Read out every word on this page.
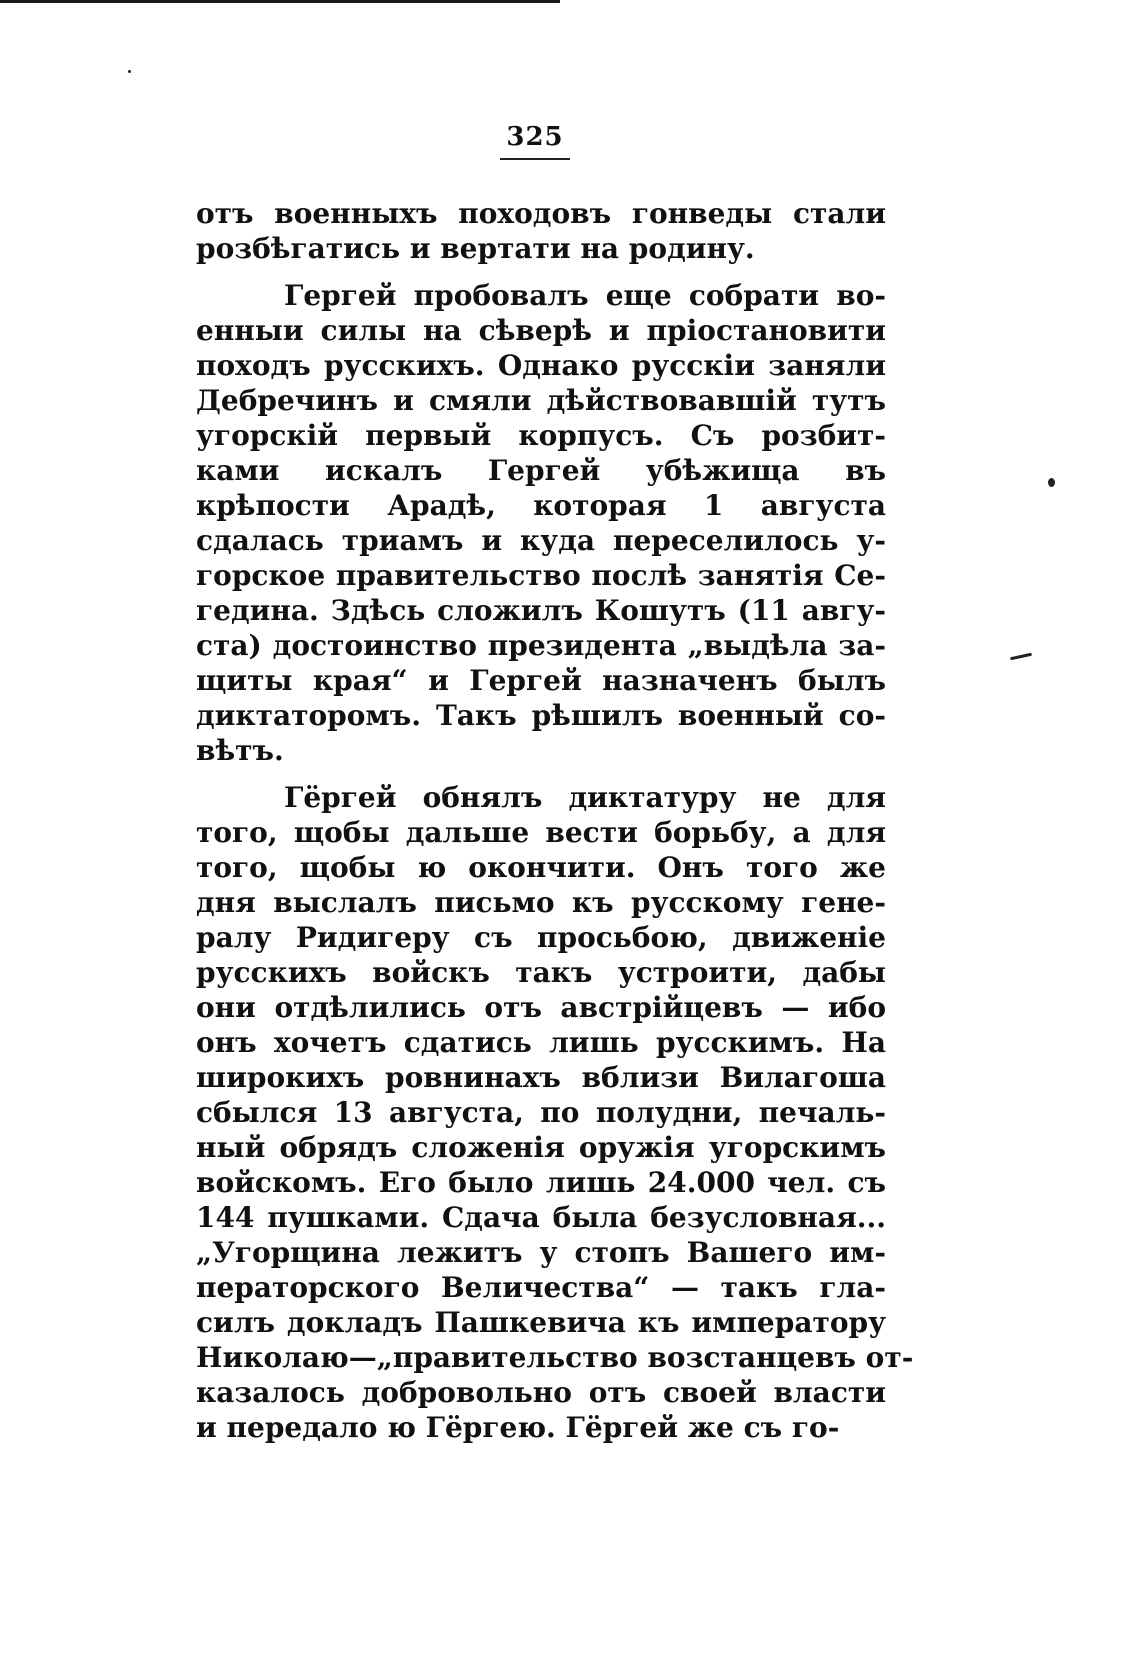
325
отъ военныхъ походовъ гонведы стали
розбѣгатись и вертати на родину.
Гергей пробовалъ еще собрати во-
енныи силы на сѣверѣ и пріостановити
походъ русскихъ. Однако русскіи заняли
Дебречинъ и смяли дѣйствовавшій тутъ
угорскій первый корпусъ. Съ розбит-
ками искалъ Гергей убѣжища въ
крѣпости Арадѣ, которая 1 августа
сдалась триамъ и куда переселилось у-
горское правительство послѣ занятія Се-
гедина. Здѣсь сложилъ Кошутъ (11 авгу-
ста) достоинство президента „выдѣла за-
щиты края“ и Гергей назначенъ былъ
диктаторомъ. Такъ рѣшилъ военный со-
вѣтъ.
Гёргей обнялъ диктатуру не для
того, щобы дальше вести борьбу, а для
того, щобы ю окончити. Онъ того же
дня выслалъ письмо къ русскому гене-
ралу Ридигеру съ просьбою, движеніе
русскихъ войскъ такъ устроити, дабы
они отдѣлились отъ австрійцевъ — ибо
онъ хочетъ сдатись лишь русскимъ. На
широкихъ ровнинахъ вблизи Вилагоша
сбылся 13 августа, по полудни, печаль-
ный обрядъ сложенія оружія угорскимъ
войскомъ. Его было лишь 24.000 чел. съ
144 пушками. Сдача была безусловная...
„Угорщина лежитъ у стопъ Вашего им-
ператорского Величества“ — такъ гла-
силъ докладъ Пашкевича къ императору
Николаю—„правительство возстанцевъ от-
казалось добровольно отъ своей власти
и передало ю Гёргею. Гёргей же съ го-
